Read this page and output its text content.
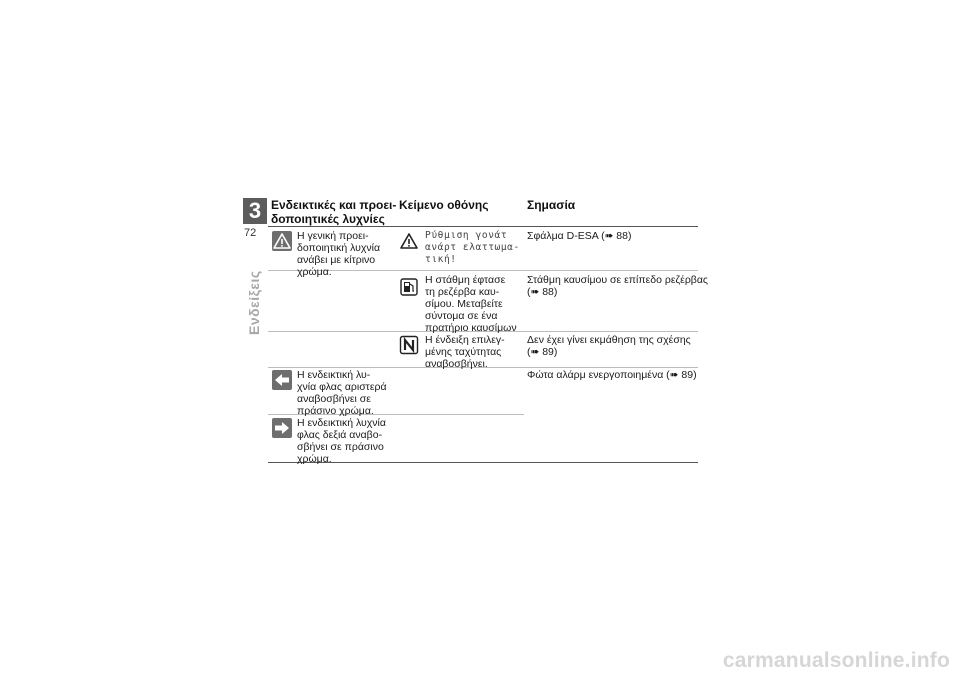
3
72
Ενδείξεις
Ενδεικτικές και προει-
δοποιητικές λυχνίες
Κείμενο οθόνης	Σημασία
Η γενική προει-
δοποιητική λυχνία
ανάβει με κίτρινο
χρώμα.
Ρύθμιση γονάτ
ανάρτ ελαττωμα-
τική!
Σφάλμα D-ESA (➠ 88)
Η στάθμη έφτασε
τη ρεζέρβα καυ-
σίμου. Μεταβείτε
σύντομα σε ένα
πρατήριο καυσίμων
Στάθμη καυσίμου σε επίπεδο ρεζέρβας
(➠ 88)
Η ένδειξη επιλεγ-
μένης ταχύτητας
αναβοσβήνει.
Δεν έχει γίνει εκμάθηση της σχέσης
(➠ 89)
Η ενδεικτική λυ-
χνία φλας αριστερά
αναβοσβήνει σε
πράσινο χρώμα.
Φώτα αλάρμ ενεργοποιημένα (➠ 89)
Η ενδεικτική λυχνία
φλας δεξιά αναβο-
σβήνει σε πράσινο
χρώμα.
carmanualsonline.info
